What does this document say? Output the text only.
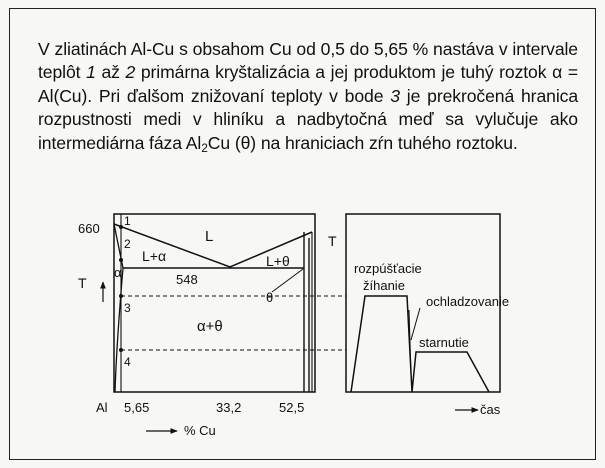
V zliatinách Al-Cu s obsahom Cu od 0,5 do 5,65 % nastáva v intervale teplôt 1 až 2 primárna kryštalizácia a jej produktom je tuhý roztok α = Al(Cu). Pri ďalšom znižovaní teploty v bode 3 je prekročená hranica rozpustnosti medi v hliníku a nadbytočná meď sa vylučuje ako intermediárna fáza $Al_2Cu$ (θ) na hraniciach zŕn tuhého roztoku.

660
548
T
1
2
3
4
L
L+α	L+θ
α
α+θ
θ
Al 5,65	33,2	52,5
% Cu
T
rozpúšťacie
žíhanie
ochladzovanie
starnutie
čas
